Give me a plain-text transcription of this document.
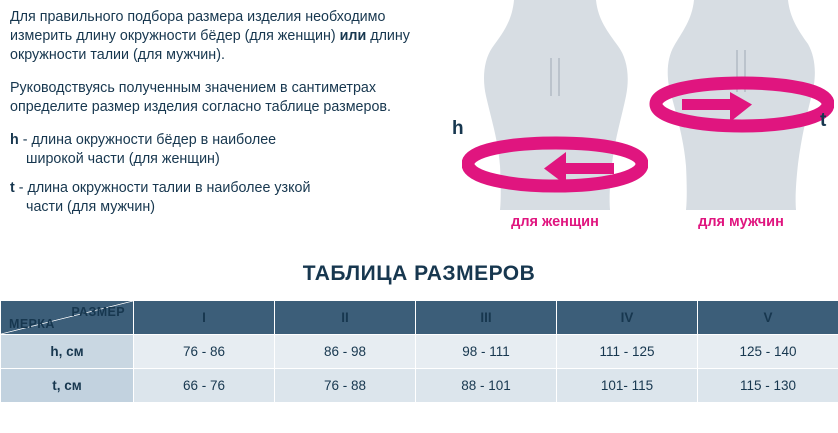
Для правильного подбора размера изделия необходимо измерить длину окружности бёдер (для женщин) или длину окружности талии (для мужчин).

Руководствуясь полученным значением в сантиметрах определите размер изделия согласно таблице размеров.

h - длина окружности бёдер в наиболее
широкой части (для женщин)

t - длина окружности талии в наиболее узкой
части (для мужчин)

для женщин	для мужчин
h	t
ТАБЛИЦА РАЗМЕРОВ
РАЗМЕР
МЕРКА	I	II	III	IV	V
h, см	76 - 86	86 - 98	98 - 111	111 - 125	125 - 140
t, см	66 - 76	76 - 88	88 - 101	101- 115	115 - 130
